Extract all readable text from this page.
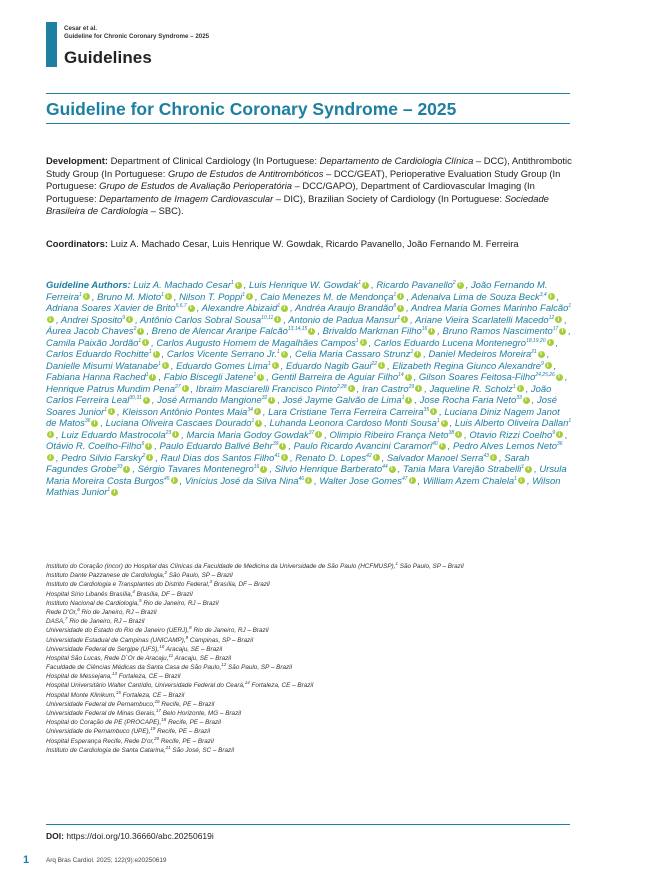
Cesar et al.
Guideline for Chronic Coronary Syndrome – 2025
Guidelines
Guideline for Chronic Coronary Syndrome – 2025
Development: Department of Clinical Cardiology (In Portuguese: Departamento de Cardiologia Clínica – DCC), Antithrombotic Study Group (In Portuguese: Grupo de Estudos de Antitrombóticos – DCC/GEAT), Perioperative Evaluation Study Group (In Portuguese: Grupo de Estudos de Avaliação Perioperatória – DCC/GAPO), Department of Cardiovascular Imaging (In Portuguese: Departamento de Imagem Cardiovascular – DIC), Brazilian Society of Cardiology (In Portuguese: Sociedade Brasileira de Cardiologia – SBC).
Coordinators: Luiz A. Machado Cesar, Luis Henrique W. Gowdak, Ricardo Pavanello, João Fernando M. Ferreira
Guideline Authors: Luiz A. Machado Cesar$^1$ i , Luis Henrique W. Gowdak$^1$ i , Ricardo Pavanello$^2$ i , João Fernando M. Ferreira$^1$ i , Bruno M. Mioto$^1$ i , Nilson T. Poppi$^1$ i , Caio Menezes M. de Mendonça$^1$ i , Adenalva Lima de Souza Beck$^{3,4}$ i , Adriana Soares Xavier de Brito$^{5,6,7}$ i , Alexandre Abizaid$^1$ i , Andréa Araujo Brandão$^8$i , Andrea Maria Gomes Marinho Falcão$^1$i, Andrei Sposito$^9$ i , Antônio Carlos Sobral Sousa$^{10,11}$ i , Antonio de Padua Mansur$^1$ i , Ariane Vieira Scarlatelli Macedo$^{12}$ i , Áurea Jacob Chaves$^2$ i , Breno de Alencar Araripe Falcão$^{13,14,15}$ i , Brivaldo Markman Filho$^{16}$ i , Bruno Ramos Nascimento$^{17}$ i , Camila Paixão Jordão$^1$ i , Carlos Augusto Homem de Magalhães Campos$^1$ i , Carlos Eduardo Lucena Montenegro$^{18,19,20}$ i , Carlos Eduardo Rochitte$^1$ i , Carlos Vicente Serrano Jr.$^1$ i , Celia Maria Cassaro Strunz$^1$ i , Daniel Medeiros Moreira$^{21}$ i , Danielle Misumi Watanabe$^1$ i , Eduardo Gomes Lima$^1$ i , Eduardo Nagib Gaui$^{22}$ i , Elizabeth Regina Giunco Alexandre$^9$ i , Fabiana Hanna Rached$^1$ i , Fabio Biscegli Jatene$^1$ i , Gentil Barreira de Aguiar Filho$^{14}$ i , Gilson Soares Feitosa-Filho$^{24,25,26}$ i , Henrique Patrus Mundim Pena$^{27}$ i , Ibraim Masciarelli Francisco Pinto$^{2,28}$ i , Iran Castro$^{29}$ i , Jaqueline R. Scholz$^1$ i , João Carlos Ferreira Leal$^{30,31}$ i , José Armando Mangione$^{32}$ i , José Jayme Galvão de Lima$^1$ i , Jose Rocha Faria Neto$^{33}$ i , José Soares Junior$^1$ i , Kleisson Antônio Pontes Maia$^{34}$ i , Lara Cristiane Terra Ferreira Carreira$^{35}$ i , Luciana Diniz Nagem Janot de Matos$^{36}$ i , Luciana Oliveira Cascaes Dourado$^1$ i , Luhanda Leonora Cardoso Monti Sousa$^1$ i , Luis Alberto Oliveira Dallan$^1$i, Luiz Eduardo Mastrocola$^{23}$ i , Marcia Maria Godoy Gowdak$^{37}$ i , Olimpio Ribeiro França Neto$^{38}$ i , Otavio Rizzi Coelho$^9$ i , Otávio R. Coelho-Filho$^9$ i , Paulo Eduardo Ballvé Behr$^{39}$ i , Paulo Ricardo Avancini Caramori$^{40}$ i , Pedro Alves Lemos Neto$^{36}$i, Pedro Silvio Farsky$^2$ i , Raul Dias dos Santos Filho$^{41}$ i , Renato D. Lopes$^{42}$ i , Salvador Manoel Serra$^{43}$ i , Sarah Fagundes Grobe$^{33}$ i , Sérgio Tavares Montenegro$^{16}$ i , Silvio Henrique Barberato$^{44}$ i , Tania Mara Varejão Strabelli$^1$ i , Ursula Maria Moreira Costa Burgos$^{45}$ i , Vinícius José da Silva Nina$^{46}$ i , Walter Jose Gomes$^{47}$ i , William Azem Chalela$^1$ i , Wilson Mathias Junior$^1$i
Instituto do Coração (Incor) do Hospital das Clínicas da Faculdade de Medicina da Universidade de São Paulo (HCFMUSP),$^1$ São Paulo, SP – Brazil
Instituto Dante Pazzanese de Cardiologia,$^2$ São Paulo, SP – Brazil
Instituto de Cardiologia e Transplantes do Distrito Federal,$^3$ Brasília, DF – Brazil
Hospital Sírio Libanês Brasília,$^4$ Brasília, DF – Brazil
Instituto Nacional de Cardiologia,$^5$ Rio de Janeiro, RJ – Brazil
Rede D'Or,$^6$ Rio de Janeiro, RJ – Brazil
DASA,$^7$ Rio de Janeiro, RJ – Brazil
Universidade do Estado do Rio de Janeiro (UERJ),$^8$ Rio de Janeiro, RJ – Brazil
Universidade Estadual de Campinas (UNICAMP),$^9$ Campinas, SP – Brazil
Universidade Federal de Sergipe (UFS),$^{10}$ Aracaju, SE – Brazil
Hospital São Lucas, Rede D`Or de Aracaju,$^{11}$ Aracaju, SE – Brazil
Faculdade de Ciências Médicas da Santa Casa de São Paulo,$^{12}$ São Paulo, SP – Brazil
Hospital de Messejana,$^{13}$ Fortaleza, CE – Brazil
Hospital Universitário Walter Cantídio, Universidade Federal do Ceará,$^{14}$ Fortaleza, CE – Brazil
Hospital Monte Klinikum,$^{15}$ Fortaleza, CE – Brazil
Universidade Federal de Pernambuco,$^{16}$ Recife, PE – Brazil
Universidade Federal de Minas Gerais,$^{17}$ Belo Horizonte, MG – Brazil
Hospital do Coração de PE (PROCAPE),$^{18}$ Recife, PE – Brazil
Universidade de Pernambuco (UPE),$^{19}$ Recife, PE – Brazil
Hospital Esperança Recife, Rede D'or,$^{20}$ Recife, PE – Brazil
Instituto de Cardiologia de Santa Catarina,$^{21}$ São José, SC – Brazil
DOI: https://doi.org/10.36660/abc.20250619i
1	Arq Bras Cardiol. 2025; 122(9):e20250619
